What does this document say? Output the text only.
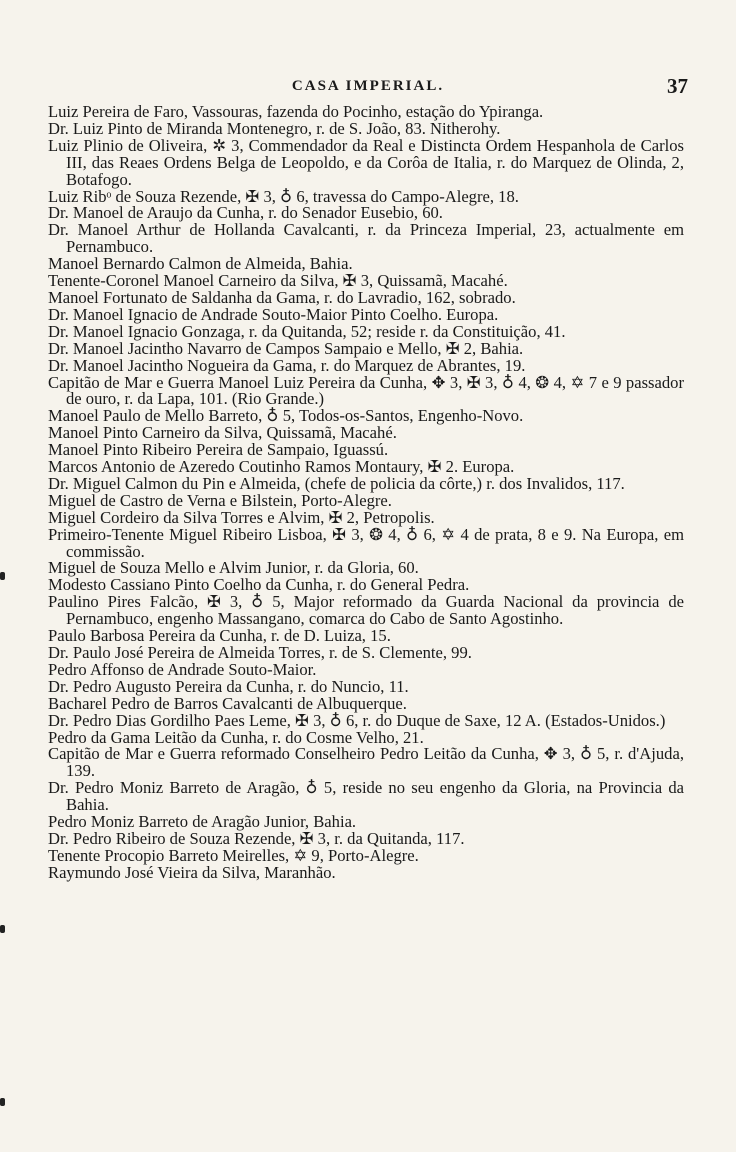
CASA IMPERIAL.	37
Luiz Pereira de Faro, Vassouras, fazenda do Pocinho, estação do Ypiranga.
Dr. Luiz Pinto de Miranda Montenegro, r. de S. João, 83. Nitherohy.
Luiz Plinio de Oliveira, ✲ 3, Commendador da Real e Distincta Ordem Hespanhola de Carlos III, das Reaes Ordens Belga de Leopoldo, e da Corôa de Italia, r. do Marquez de Olinda, 2, Botafogo.
Luiz Ribᵒ de Souza Rezende, ✠ 3, ♁ 6, travessa do Campo-Alegre, 18.
Dr. Manoel de Araujo da Cunha, r. do Senador Eusebio, 60.
Dr. Manoel Arthur de Hollanda Cavalcanti, r. da Princeza Imperial, 23, actualmente em Pernambuco.
Manoel Bernardo Calmon de Almeida, Bahia.
Tenente-Coronel Manoel Carneiro da Silva, ✠ 3, Quissamã, Macahé.
Manoel Fortunato de Saldanha da Gama, r. do Lavradio, 162, sobrado.
Dr. Manoel Ignacio de Andrade Souto-Maior Pinto Coelho. Europa.
Dr. Manoel Ignacio Gonzaga, r. da Quitanda, 52; reside r. da Constituição, 41.
Dr. Manoel Jacintho Navarro de Campos Sampaio e Mello, ✠ 2, Bahia.
Dr. Manoel Jacintho Nogueira da Gama, r. do Marquez de Abrantes, 19.
Capitão de Mar e Guerra Manoel Luiz Pereira da Cunha, ✥ 3, ✠ 3, ♁ 4, ❂ 4, ✡ 7 e 9 passador de ouro, r. da Lapa, 101. (Rio Grande.)
Manoel Paulo de Mello Barreto, ♁ 5, Todos-os-Santos, Engenho-Novo.
Manoel Pinto Carneiro da Silva, Quissamã, Macahé.
Manoel Pinto Ribeiro Pereira de Sampaio, Iguassú.
Marcos Antonio de Azeredo Coutinho Ramos Montaury, ✠ 2. Europa.
Dr. Miguel Calmon du Pin e Almeida, (chefe de policia da côrte,) r. dos Invalidos, 117.
Miguel de Castro de Verna e Bilstein, Porto-Alegre.
Miguel Cordeiro da Silva Torres e Alvim, ✠ 2, Petropolis.
Primeiro-Tenente Miguel Ribeiro Lisboa, ✠ 3, ❂ 4, ♁ 6, ✡ 4 de prata, 8 e 9. Na Europa, em commissão.
Miguel de Souza Mello e Alvim Junior, r. da Gloria, 60.
Modesto Cassiano Pinto Coelho da Cunha, r. do General Pedra.
Paulino Pires Falcão, ✠ 3, ♁ 5, Major reformado da Guarda Nacional da provincia de Pernambuco, engenho Massangano, comarca do Cabo de Santo Agostinho.
Paulo Barbosa Pereira da Cunha, r. de D. Luiza, 15.
Dr. Paulo José Pereira de Almeida Torres, r. de S. Clemente, 99.
Pedro Affonso de Andrade Souto-Maior.
Dr. Pedro Augusto Pereira da Cunha, r. do Nuncio, 11.
Bacharel Pedro de Barros Cavalcanti de Albuquerque.
Dr. Pedro Dias Gordilho Paes Leme, ✠ 3, ♁ 6, r. do Duque de Saxe, 12 A. (Estados-Unidos.)
Pedro da Gama Leitão da Cunha, r. do Cosme Velho, 21.
Capitão de Mar e Guerra reformado Conselheiro Pedro Leitão da Cunha, ✥ 3, ♁ 5, r. d'Ajuda, 139.
Dr. Pedro Moniz Barreto de Aragão, ♁ 5, reside no seu engenho da Gloria, na Provincia da Bahia.
Pedro Moniz Barreto de Aragão Junior, Bahia.
Dr. Pedro Ribeiro de Souza Rezende, ✠ 3, r. da Quitanda, 117.
Tenente Procopio Barreto Meirelles, ✡ 9, Porto-Alegre.
Raymundo José Vieira da Silva, Maranhão.
